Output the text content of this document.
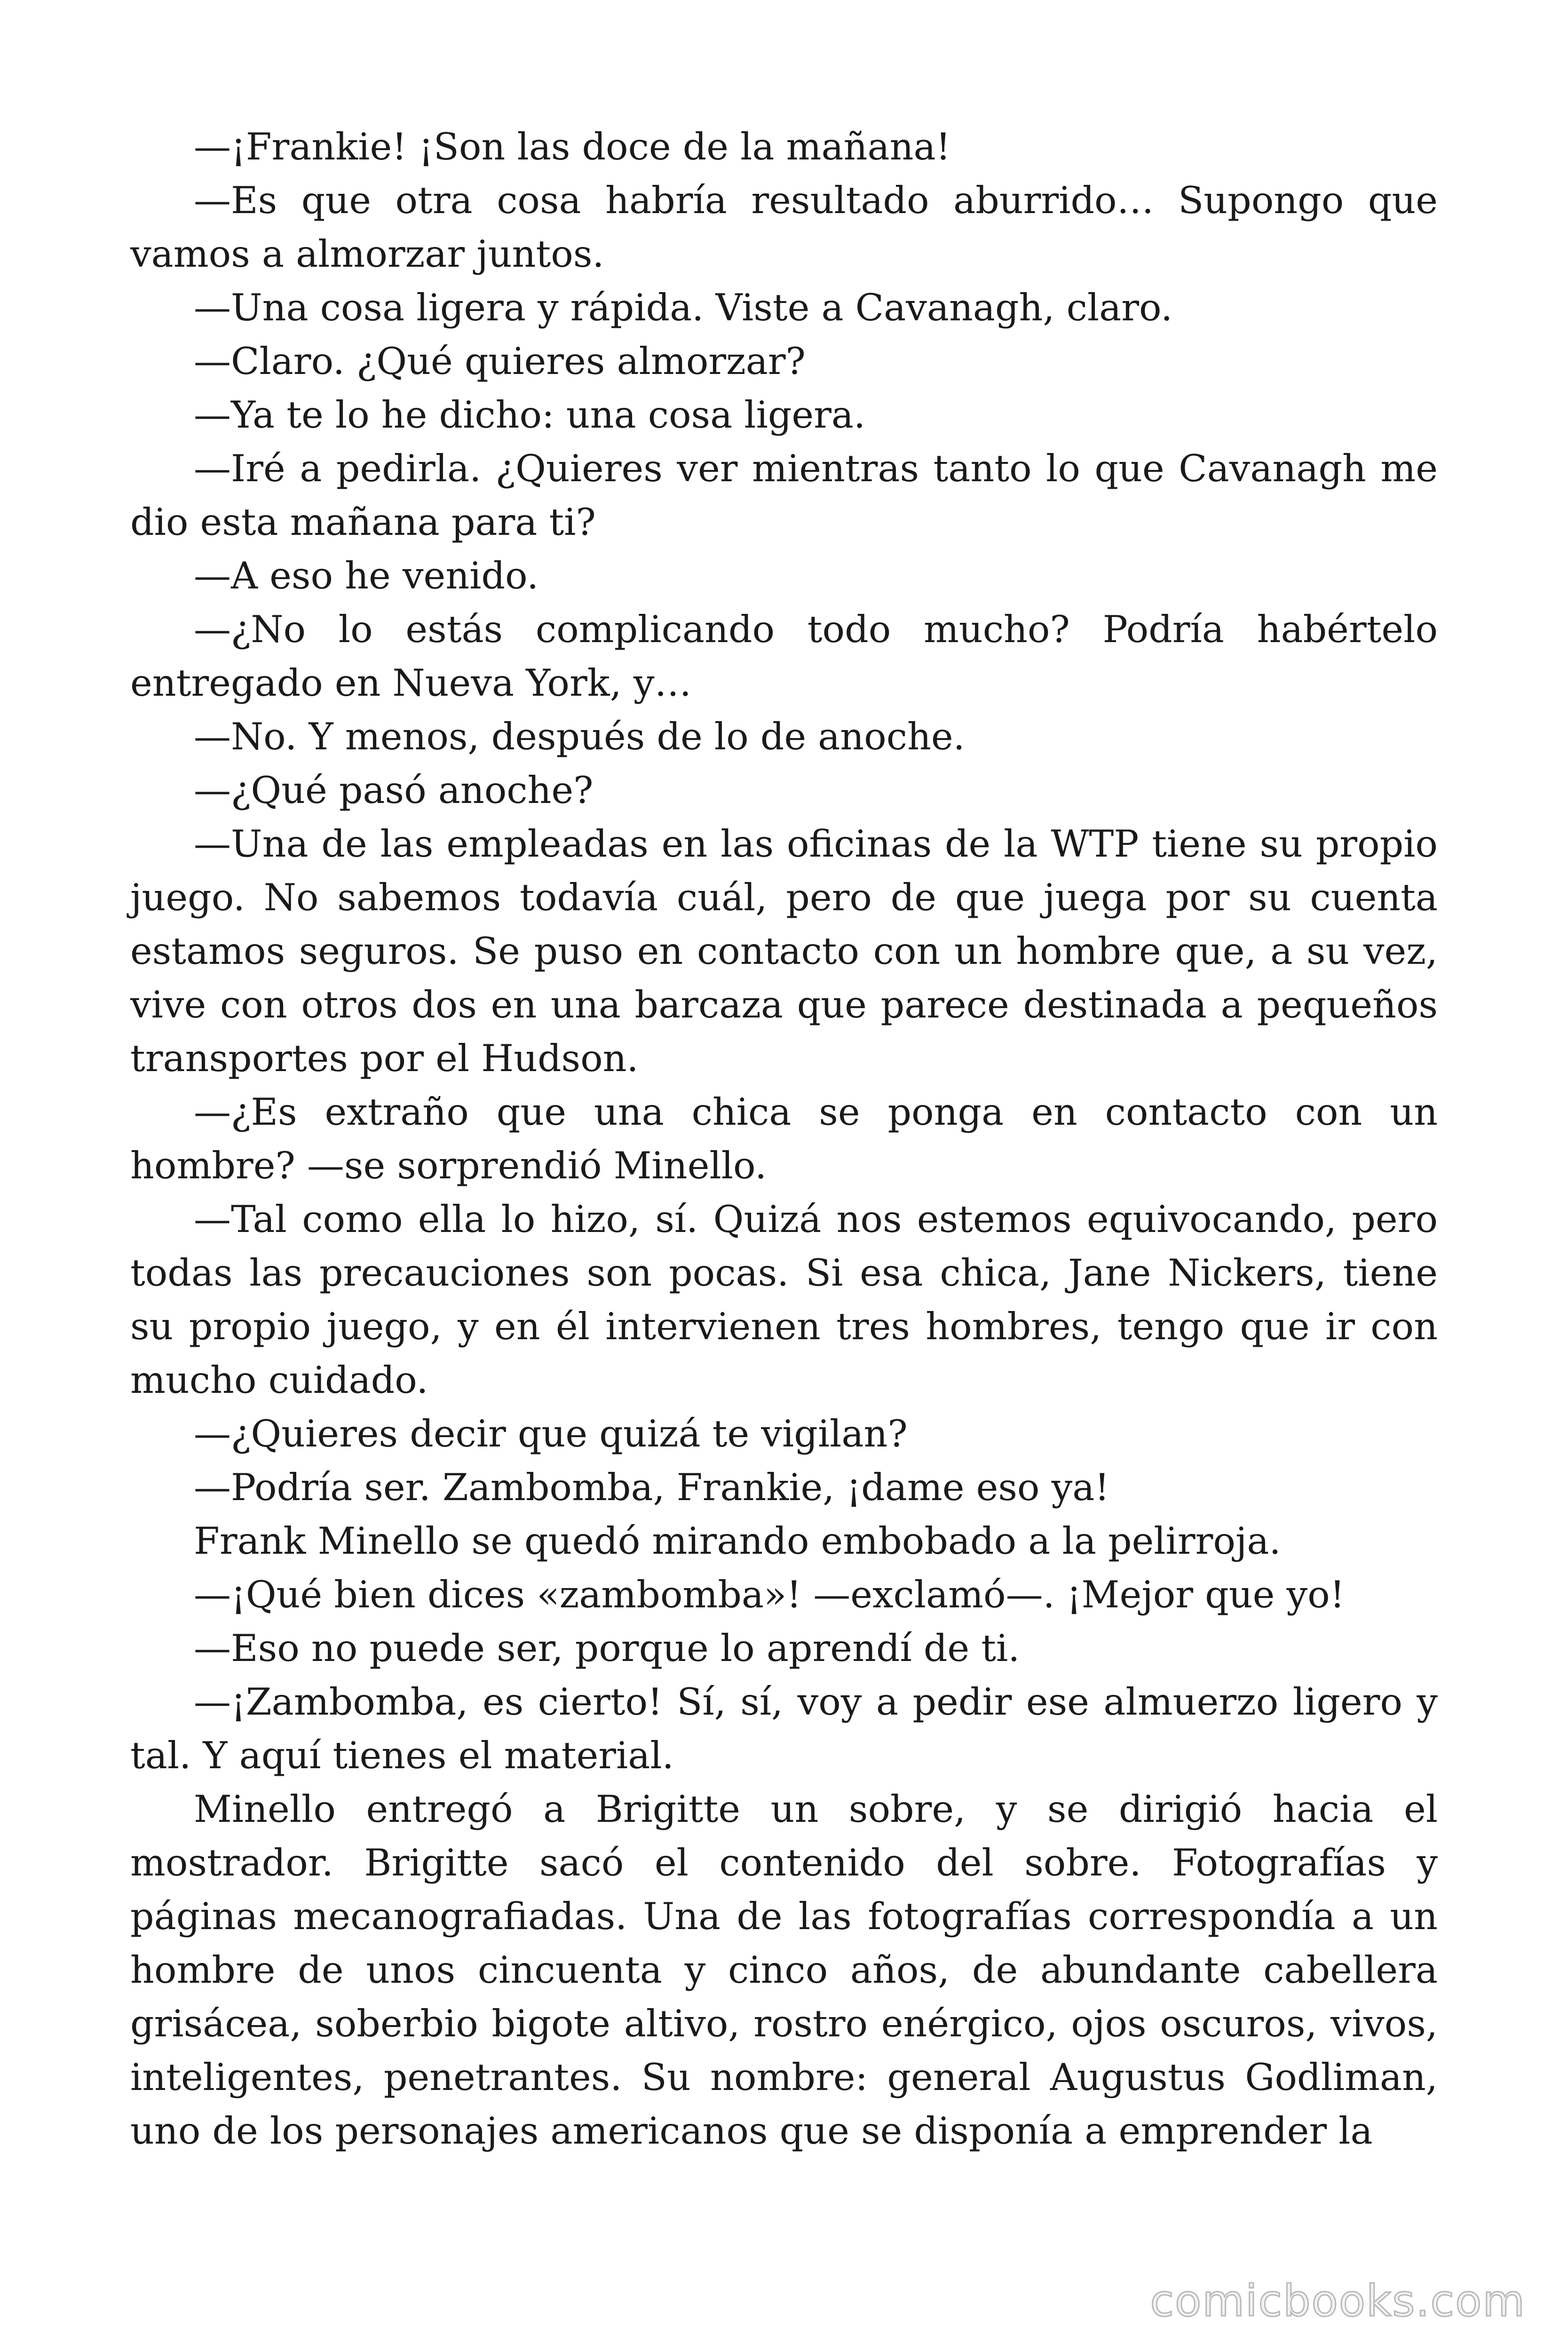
—¡Frankie! ¡Son las doce de la mañana!

—Es que otra cosa habría resultado aburrido… Supongo que vamos a almorzar juntos.

—Una cosa ligera y rápida. Viste a Cavanagh, claro.

—Claro. ¿Qué quieres almorzar?

—Ya te lo he dicho: una cosa ligera.

—Iré a pedirla. ¿Quieres ver mientras tanto lo que Cavanagh me dio esta mañana para ti?

—A eso he venido.

—¿No lo estás complicando todo mucho? Podría habértelo entregado en Nueva York, y…

—No. Y menos, después de lo de anoche.

—¿Qué pasó anoche?

—Una de las empleadas en las oficinas de la WTP tiene su propio juego. No sabemos todavía cuál, pero de que juega por su cuenta estamos seguros. Se puso en contacto con un hombre que, a su vez, vive con otros dos en una barcaza que parece destinada a pequeños transportes por el Hudson.

—¿Es extraño que una chica se ponga en contacto con un hombre? —se sorprendió Minello.

—Tal como ella lo hizo, sí. Quizá nos estemos equivocando, pero todas las precauciones son pocas. Si esa chica, Jane Nickers, tiene su propio juego, y en él intervienen tres hombres, tengo que ir con mucho cuidado.

—¿Quieres decir que quizá te vigilan?

—Podría ser. Zambomba, Frankie, ¡dame eso ya!

Frank Minello se quedó mirando embobado a la pelirroja.

—¡Qué bien dices «zambomba»! —exclamó—. ¡Mejor que yo!

—Eso no puede ser, porque lo aprendí de ti.

—¡Zambomba, es cierto! Sí, sí, voy a pedir ese almuerzo ligero y tal. Y aquí tienes el material.

Minello entregó a Brigitte un sobre, y se dirigió hacia el mostrador. Brigitte sacó el contenido del sobre. Fotografías y páginas mecanografiadas. Una de las fotografías correspondía a un hombre de unos cincuenta y cinco años, de abundante cabellera grisácea, soberbio bigote altivo, rostro enérgico, ojos oscuros, vivos, inteligentes, penetrantes. Su nombre: general Augustus Godliman, uno de los personajes americanos que se disponía a emprender la

comicbooks.com
